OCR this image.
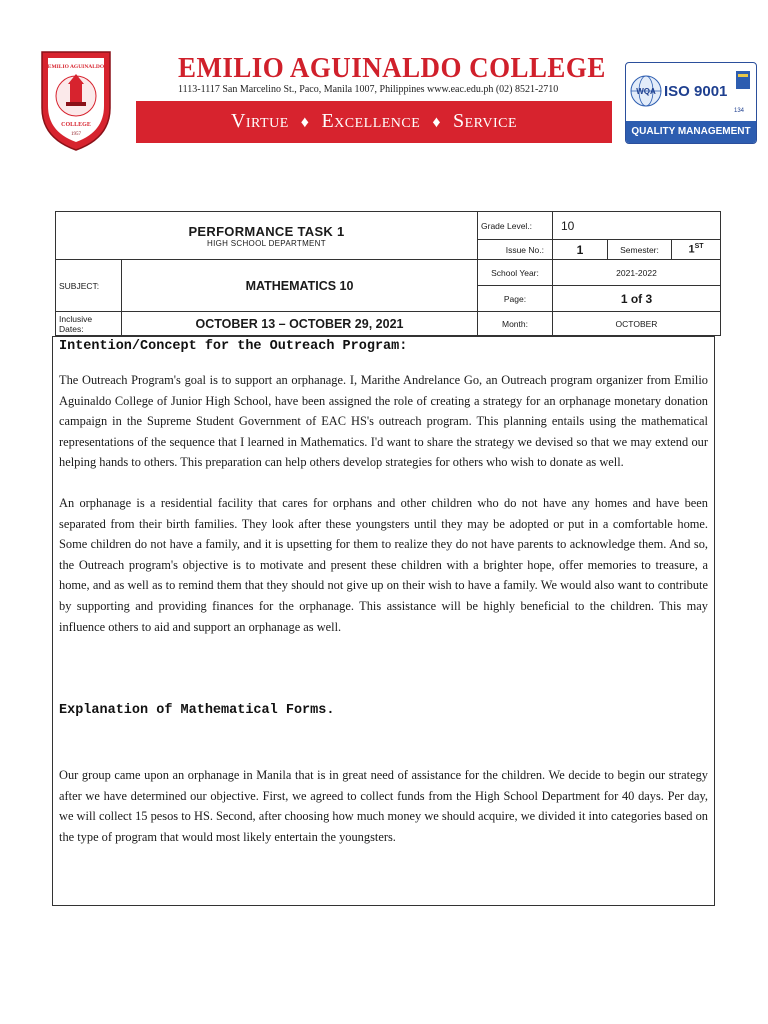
EMILIO AGUINALDO
COLLEGE
1957
EMILIO AGUINALDO COLLEGE
1113-1117 San Marcelino St., Paco, Manila 1007, Philippines www.eac.edu.ph (02) 8521-2710
Virtue ♦ Excellence ♦ Service
WQA ISO 9001
134
QUALITY MANAGEMENT
PERFORMANCE TASK 1
HIGH SCHOOL DEPARTMENT		Grade Level.:	10		
		Issue No.:	1	Semester:	1ST
SUBJECT:	MATHEMATICS 10	School Year:	2021-2022		
		Page:	1 of 3		
Inclusive Dates:	OCTOBER 13 – OCTOBER 29, 2021	Month:	OCTOBER		
Intention/Concept for the Outreach Program:

The Outreach Program's goal is to support an orphanage. I, Marithe Andrelance Go, an Outreach program organizer from Emilio Aguinaldo College of Junior High School, have been assigned the role of creating a strategy for an orphanage monetary donation campaign in the Supreme Student Government of EAC HS's outreach program. This planning entails using the mathematical representations of the sequence that I learned in Mathematics. I'd want to share the strategy we devised so that we may extend our helping hands to others. This preparation can help others develop strategies for others who wish to donate as well.

An orphanage is a residential facility that cares for orphans and other children who do not have any homes and have been separated from their birth families. They look after these youngsters until they may be adopted or put in a comfortable home. Some children do not have a family, and it is upsetting for them to realize they do not have parents to acknowledge them. And so, the Outreach program's objective is to motivate and present these children with a brighter hope, offer memories to treasure, a home, and as well as to remind them that they should not give up on their wish to have a family. We would also want to contribute by supporting and providing finances for the orphanage. This assistance will be highly beneficial to the children. This may influence others to aid and support an orphanage as well.

Explanation of Mathematical Forms.

Our group came upon an orphanage in Manila that is in great need of assistance for the children. We decide to begin our strategy after we have determined our objective. First, we agreed to collect funds from the High School Department for 40 days. Per day, we will collect 15 pesos to HS. Second, after choosing how much money we should acquire, we divided it into categories based on the type of program that would most likely entertain the youngsters.
